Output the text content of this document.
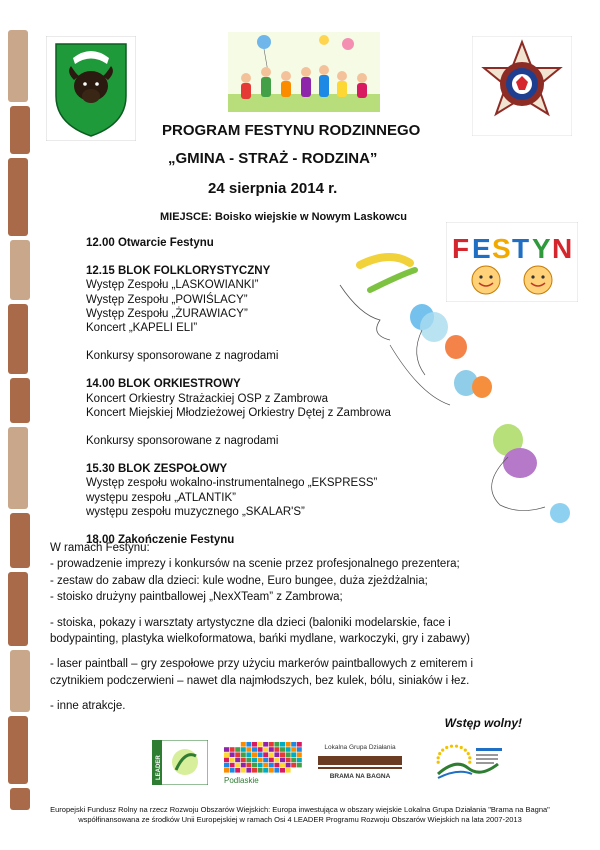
PROGRAM FESTYNU RODZINNEGO
„GMINA - STRAŻ - RODZINA”
24 sierpnia 2014 r.
MIEJSCE: Boisko wiejskie w Nowym Laskowcu
F E S T Y N
12.00 Otwarcie Festynu
12.15 BLOK FOLKLORYSTYCZNY
Występ Zespołu „LASKOWIANKI”
Występ Zespołu „POWIŚLACY”
Występ Zespołu „ŻURAWIACY”
Koncert „KAPELI ELI”
Konkursy sponsorowane z nagrodami
14.00 BLOK ORKIESTROWY
Koncert Orkiestry Strażackiej OSP z Zambrowa
Koncert Miejskiej Młodzieżowej Orkiestry Dętej z Zambrowa
Konkursy sponsorowane z nagrodami
15.30 BLOK ZESPOŁOWY
Występ zespołu wokalno-instrumentalnego „EKSPRESS”
występu zespołu „ATLANTIK”
występu zespołu muzycznego „SKALAR'S”
18.00 Zakończenie Festynu
W ramach Festynu:
- prowadzenie imprezy i konkursów na scenie przez profesjonalnego prezentera;
- zestaw do zabaw dla dzieci: kule wodne, Euro bungee, duża zjeżdżalnia;
- stoisko drużyny paintballowej „NexXTeam” z Zambrowa;
- stoiska, pokazy i warsztaty artystyczne dla dzieci (baloniki modelarskie, face i
bodypainting, plastyka wielkoformatowa, bańki mydlane, warkoczyki, gry i zabawy)
- laser paintball – gry zespołowe przy użyciu markerów paintballowych z emiterem i
czytnikiem podczerwieni – nawet dla najmłodszych, bez kulek, bólu, siniaków i łez.
- inne atrakcje.
Wstęp wolny!
LEADER
Podlaskie
Lokalna Grupa Działania
BRAMA NA BAGNA
Europejski Fundusz Rolny na rzecz Rozwoju Obszarów Wiejskich: Europa inwestująca w obszary wiejskie Lokalna Grupa Działania "Brama na Bagna"
współfinansowana ze środków Unii Europejskiej w ramach Osi 4 LEADER Programu Rozwoju Obszarów Wiejskich na lata 2007-2013
